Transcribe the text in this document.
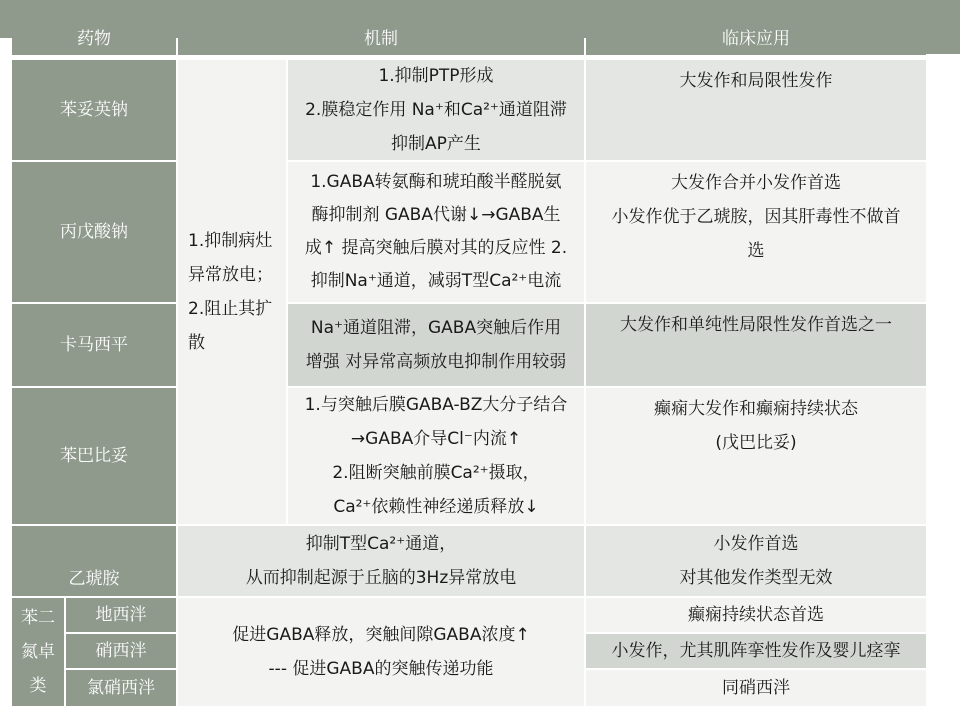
药物	机制	临床应用
苯妥英钠
丙戊酸钠
卡马西平
苯巴比妥
乙琥胺
苯二
氮卓
类
地西泮
硝西泮
氯硝西泮
1.抑制病灶
异常放电；
2.阻止其扩
散
1.抑制PTP形成
2.膜稳定作用 Na⁺和Ca²⁺通道阻滞
抑制AP产生
1.GABA转氨酶和琥珀酸半醛脱氨
酶抑制剂 GABA代谢↓→GABA生
成↑ 提高突触后膜对其的反应性 2.
抑制Na⁺通道，减弱T型Ca²⁺电流
Na⁺通道阻滞，GABA突触后作用
增强 对异常高频放电抑制作用较弱
1.与突触后膜GABA-BZ大分子结合
→GABA介导Cl⁻内流↑
2.阻断突触前膜Ca²⁺摄取，
Ca²⁺依赖性神经递质释放↓
抑制T型Ca²⁺通道，
从而抑制起源于丘脑的3Hz异常放电
促进GABA释放，突触间隙GABA浓度↑
--- 促进GABA的突触传递功能
大发作和局限性发作
大发作合并小发作首选
小发作优于乙琥胺，因其肝毒性不做首
选
大发作和单纯性局限性发作首选之一
癫痫大发作和癫痫持续状态
(戊巴比妥)
小发作首选
对其他发作类型无效
癫痫持续状态首选
小发作，尤其肌阵挛性发作及婴儿痉挛
同硝西泮
